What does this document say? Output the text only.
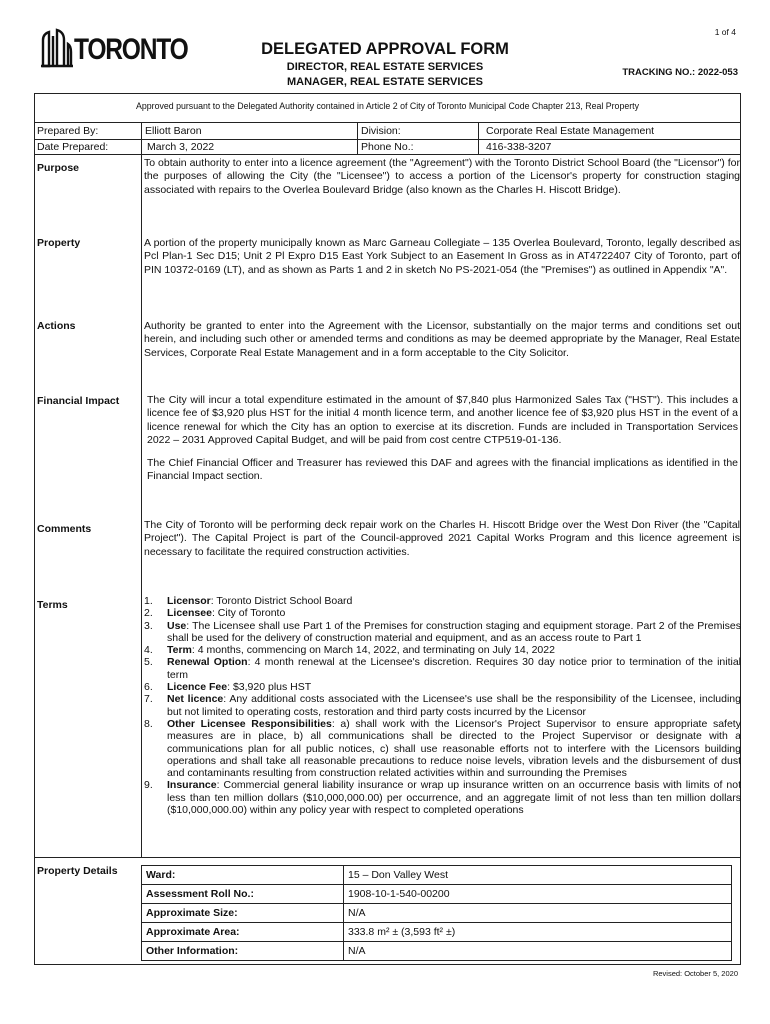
1 of 4
TORONTO	DELEGATED APPROVAL FORM
DIRECTOR, REAL ESTATE SERVICES
MANAGER, REAL ESTATE SERVICES
TRACKING NO.: 2022-053
Approved pursuant to the Delegated Authority contained in Article 2 of City of Toronto Municipal Code Chapter 213, Real Property
Prepared By:	Elliott Baron	Division:	Corporate Real Estate Management
Date Prepared:	March 3, 2022	Phone No.:	416-338-3207
Purpose	To obtain authority to enter into a licence agreement (the "Agreement") with the Toronto District School Board (the "Licensor") for the purposes of allowing the City (the "Licensee") to access a portion of the Licensor's property for construction staging associated with repairs to the Overlea Boulevard Bridge (also known as the Charles H. Hiscott Bridge).
Property	A portion of the property municipally known as Marc Garneau Collegiate – 135 Overlea Boulevard, Toronto, legally described as Pcl Plan-1 Sec D15; Unit 2 Pl Expro D15 East York Subject to an Easement In Gross as in AT4722407 City of Toronto, part of PIN 10372-0169 (LT), and as shown as Parts 1 and 2 in sketch No PS-2021-054 (the "Premises") as outlined in Appendix "A".
Actions	Authority be granted to enter into the Agreement with the Licensor, substantially on the major terms and conditions set out herein, and including such other or amended terms and conditions as may be deemed appropriate by the Manager, Real Estate Services, Corporate Real Estate Management and in a form acceptable to the City Solicitor.
Financial Impact	The City will incur a total expenditure estimated in the amount of $7,840 plus Harmonized Sales Tax ("HST"). This includes a licence fee of $3,920 plus HST for the initial 4 month licence term, and another licence fee of $3,920 plus HST in the event of a licence renewal for which the City has an option to exercise at its discretion. Funds are included in Transportation Services 2022 – 2031 Approved Capital Budget, and will be paid from cost centre CTP519-01-136.

The Chief Financial Officer and Treasurer has reviewed this DAF and agrees with the financial implications as identified in the Financial Impact section.

Comments	The City of Toronto will be performing deck repair work on the Charles H. Hiscott Bridge over the West Don River (the "Capital Project"). The Capital Project is part of the Council-approved 2021 Capital Works Program and this licence agreement is necessary to facilitate the required construction activities.
Terms	1. Licensor: Toronto District School Board
2. Licensee: City of Toronto
3. Use: The Licensee shall use Part 1 of the Premises for construction staging and equipment storage. Part 2 of the Premises shall be used for the delivery of construction material and equipment, and as an access route to Part 1
4. Term: 4 months, commencing on March 14, 2022, and terminating on July 14, 2022
5. Renewal Option: 4 month renewal at the Licensee's discretion. Requires 30 day notice prior to termination of the initial term
6. Licence Fee: $3,920 plus HST
7. Net licence: Any additional costs associated with the Licensee's use shall be the responsibility of the Licensee, including but not limited to operating costs, restoration and third party costs incurred by the Licensor
8. Other Licensee Responsibilities: a) shall work with the Licensor's Project Supervisor to ensure appropriate safety measures are in place, b) all communications shall be directed to the Project Supervisor or designate with a communications plan for all public notices, c) shall use reasonable efforts not to interfere with the Licensors building operations and shall take all reasonable precautions to reduce noise levels, vibration levels and the disbursement of dust and contaminants resulting from construction related activities within and surrounding the Premises
9. Insurance: Commercial general liability insurance or wrap up insurance written on an occurrence basis with limits of not less than ten million dollars ($10,000,000.00) per occurrence, and an aggregate limit of not less than ten million dollars ($10,000,000.00) within any policy year with respect to completed operations
Property Details	Ward:	15 – Don Valley West
Assessment Roll No.:	1908-10-1-540-00200
Approximate Size:	N/A
Approximate Area:	333.8 m² ± (3,593 ft² ±)
Other Information:	N/A
Revised: October 5, 2020
